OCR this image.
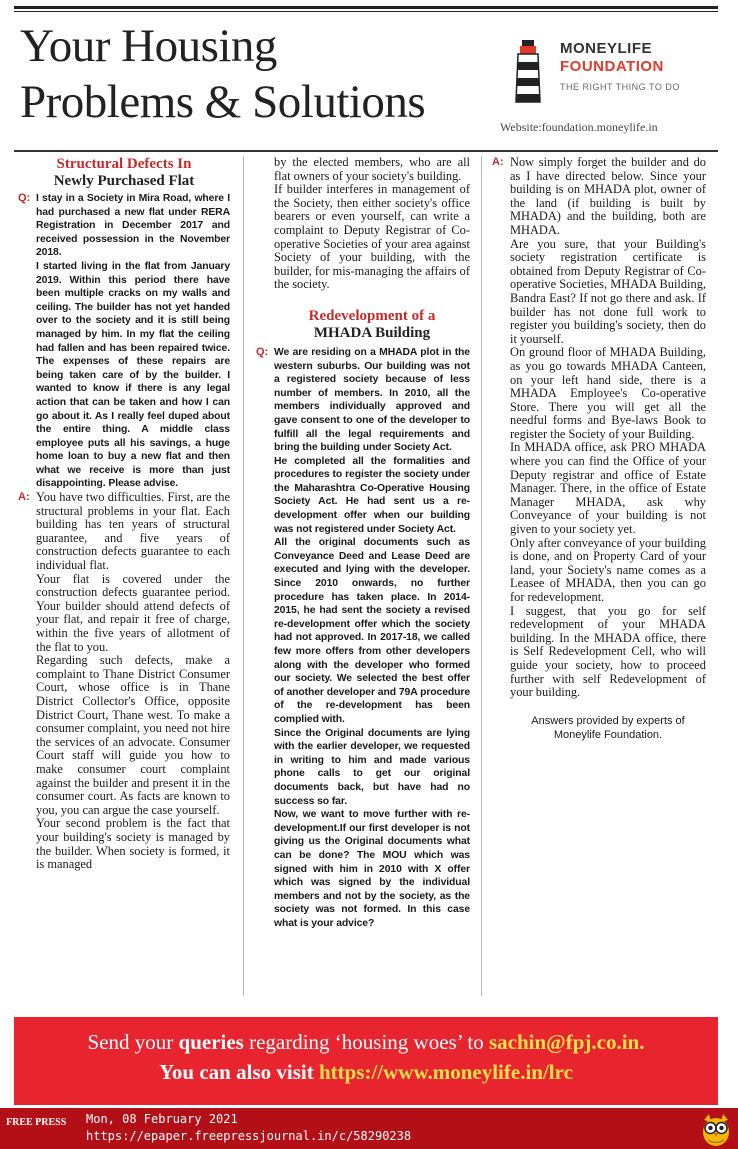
Your Housing
Problems & Solutions
MONEYLIFE
FOUNDATION
THE RIGHT THING TO DO
Website:foundation.moneylife.in
Structural Defects In
Newly Purchased Flat
Q: I stay in a Society in Mira Road, where I had purchased a new flat under RERA Registration in December 2017 and received possession in the November 2018.

I started living in the flat from January 2019. Within this period there have been multiple cracks on my walls and ceiling. The builder has not yet handed over to the society and it is still being managed by him. In my flat the ceiling had fallen and has been repaired twice. The expenses of these repairs are being taken care of by the builder. I wanted to know if there is any legal action that can be taken and how I can go about it. As I really feel duped about the entire thing. A middle class employee puts all his savings, a huge home loan to buy a new flat and then what we receive is more than just disappointing. Please advise.

A: You have two difficulties. First, are the structural problems in your flat. Each building has ten years of structural guarantee, and five years of construction defects guarantee to each individual flat.

Your flat is covered under the construction defects guarantee period. Your builder should attend defects of your flat, and repair it free of charge, within the five years of allotment of the flat to you.

Regarding such defects, make a complaint to Thane District Consumer Court, whose office is in Thane District Collector's Office, opposite District Court, Thane west. To make a consumer complaint, you need not hire the services of an advocate. Consumer Court staff will guide you how to make consumer court complaint against the builder and present it in the consumer court. As facts are known to you, you can argue the case yourself.

Your second problem is the fact that your building's society is managed by the builder. When society is formed, it is managed

by the elected members, who are all flat owners of your society's building.

If builder interferes in management of the Society, then either society's office bearers or even yourself, can write a complaint to Deputy Registrar of Co-operative Societies of your area against Society of your building, with the builder, for mis-managing the affairs of the society.

Redevelopment of a
MHADA Building
Q: We are residing on a MHADA plot in the western suburbs. Our building was not a registered society because of less number of members. In 2010, all the members individually approved and gave consent to one of the developer to fulfill all the legal requirements and bring the building under Society Act.

He completed all the formalities and procedures to register the society under the Maharashtra Co-Operative Housing Society Act. He had sent us a re-development offer when our building was not registered under Society Act.

All the original documents such as Conveyance Deed and Lease Deed are executed and lying with the developer. Since 2010 onwards, no further procedure has taken place. In 2014-2015, he had sent the society a revised re-development offer which the society had not approved. In 2017-18, we called few more offers from other developers along with the developer who formed our society. We selected the best offer of another developer and 79A procedure of the re-development has been complied with.

Since the Original documents are lying with the earlier developer, we requested in writing to him and made various phone calls to get our original documents back, but have had no success so far.

Now, we want to move further with re-development.If our first developer is not giving us the Original documents what can be done? The MOU which was signed with him in 2010 with X offer which was signed by the individual members and not by the society, as the society was not formed. In this case what is your advice?

A: Now simply forget the builder and do as I have directed below. Since your building is on MHADA plot, owner of the land (if building is built by MHADA) and the building, both are MHADA.

Are you sure, that your Building's society registration certificate is obtained from Deputy Registrar of Co-operative Societies, MHADA Building, Bandra East? If not go there and ask. If builder has not done full work to register you building's society, then do it yourself.

On ground floor of MHADA Building, as you go towards MHADA Canteen, on your left hand side, there is a MHADA Employee's Co-operative Store. There you will get all the needful forms and Bye-laws Book to register the Society of your Building.

In MHADA office, ask PRO MHADA where you can find the Office of your Deputy registrar and office of Estate Manager. There, in the office of Estate Manager MHADA, ask why Conveyance of your building is not given to your society yet.

Only after conveyance of your building is done, and on Property Card of your land, your Society's name comes as a Leasee of MHADA, then you can go for redevelopment.

I suggest, that you go for self redevelopment of your MHADA building. In the MHADA office, there is Self Redevelopment Cell, who will guide your society, how to proceed further with self Redevelopment of your building.

Answers provided by experts of Moneylife Foundation.
Send your queries regarding ‘housing woes’ to sachin@fpj.co.in.
You can also visit https://www.moneylife.in/lrc
FREE PRESS Mon, 08 February 2021
https://epaper.freepressjournal.in/c/58290238
